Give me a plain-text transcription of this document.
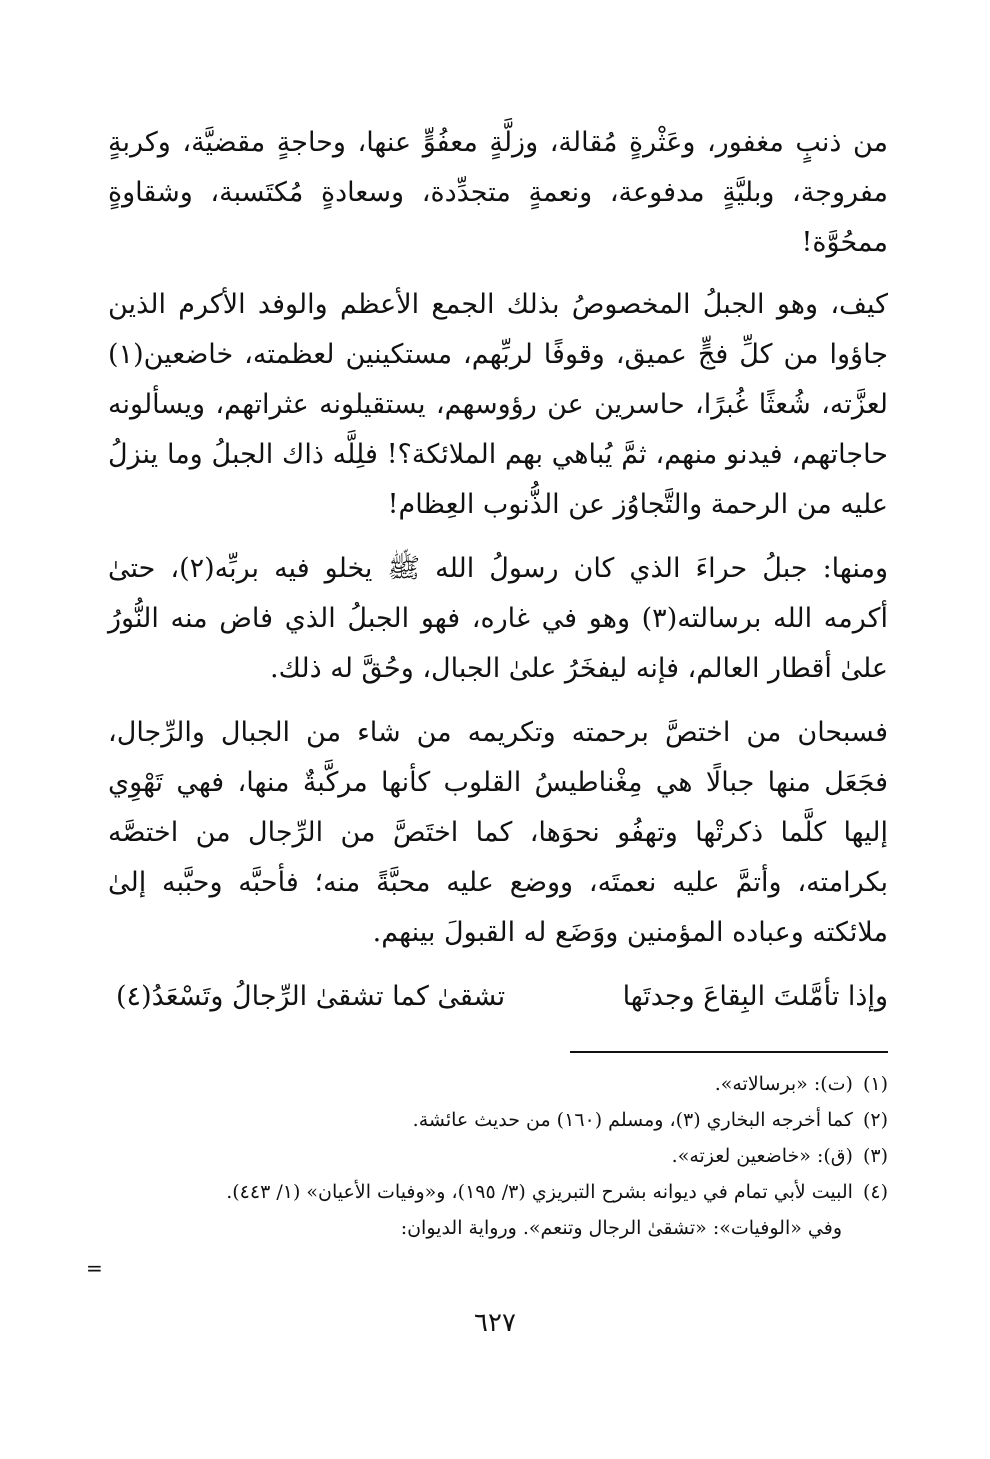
من ذنبٍ مغفور، وعَثْرةٍ مُقالة، وزلَّةٍ معفُوٍّ عنها، وحاجةٍ مقضيَّة، وكربةٍ مفروجة، وبليَّةٍ مدفوعة، ونعمةٍ متجدِّدة، وسعادةٍ مُكتَسبة، وشقاوةٍ ممحُوَّة!

كيف، وهو الجبلُ المخصوصُ بذلك الجمع الأعظم والوفد الأكرم الذين جاؤوا من كلِّ فجٍّ عميق، وقوفًا لربِّهم، مستكينين لعظمته، خاضعين(١) لعزَّته، شُعثًا غُبرًا، حاسرين عن رؤوسهم، يستقيلونه عثراتهم، ويسألونه حاجاتهم، فيدنو منهم، ثمَّ يُباهي بهم الملائكة؟! فلِلَّه ذاك الجبلُ وما ينزلُ عليه من الرحمة والتَّجاوُز عن الذُّنوب العِظام!

ومنها: جبلُ حراءَ الذي كان رسولُ الله ﷺ يخلو فيه بربِّه(٢)، حتىٰ أكرمه الله برسالته(٣) وهو في غاره، فهو الجبلُ الذي فاض منه النُّورُ علىٰ أقطار العالم، فإنه ليفخَرُ علىٰ الجبال، وحُقَّ له ذلك.

فسبحان من اختصَّ برحمته وتكريمه من شاء من الجبال والرِّجال، فجَعَل منها جبالًا هي مِغْناطيسُ القلوب كأنها مركَّبةٌ منها، فهي تَهْوِي إليها كلَّما ذكرتْها وتهفُو نحوَها، كما اختَصَّ من الرِّجال من اختصَّه بكرامته، وأتمَّ عليه نعمتَه، ووضع عليه محبَّةً منه؛ فأحبَّه وحبَّبه إلىٰ ملائكته وعباده المؤمنين ووَضَع له القبولَ بينهم.

وإذا تأمَّلتَ البِقاعَ وجدتَها
تشقىٰ كما تشقىٰ الرِّجالُ وتَسْعَدُ(٤)

(١)(ت): «برسالاته».

(٢)كما أخرجه البخاري (٣)، ومسلم (١٦٠) من حديث عائشة.

(٣)(ق): «خاضعين لعزته».

(٤)البيت لأبي تمام في ديوانه بشرح التبريزي (٣/ ١٩٥)، و«وفيات الأعيان» (١/ ٤٤٣).

وفي «الوفيات»: «تشقىٰ الرجال وتنعم». ورواية الديوان:

=
٦٢٧
